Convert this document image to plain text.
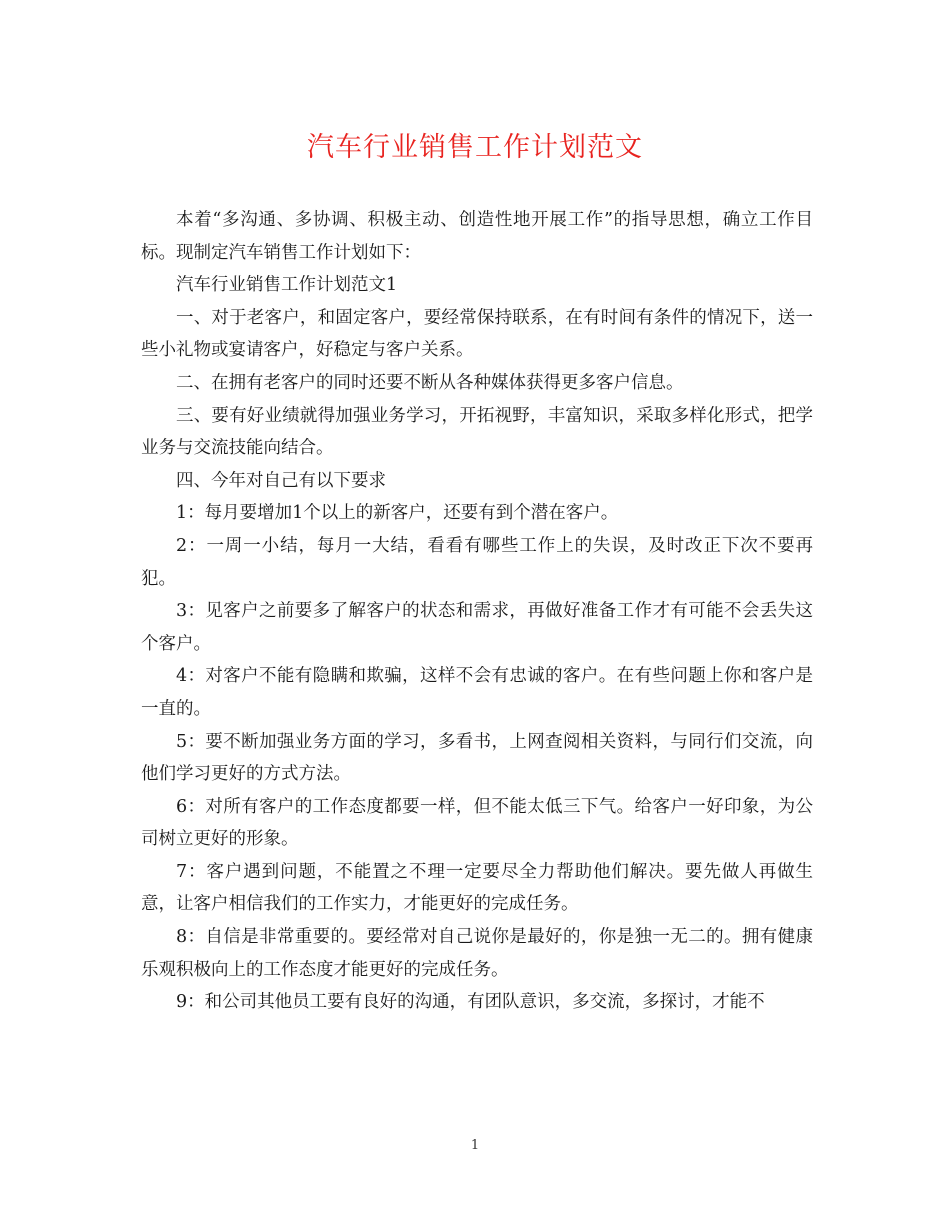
汽车行业销售工作计划范文

本着“多沟通、多协调、积极主动、创造性地开展工作”的指导思想，确立工作目标。现制定汽车销售工作计划如下：

汽车行业销售工作计划范文1

一、对于老客户，和固定客户，要经常保持联系，在有时间有条件的情况下，送一些小礼物或宴请客户，好稳定与客户关系。

二、在拥有老客户的同时还要不断从各种媒体获得更多客户信息。

三、要有好业绩就得加强业务学习，开拓视野，丰富知识，采取多样化形式，把学业务与交流技能向结合。

四、今年对自己有以下要求

1：每月要增加1个以上的新客户，还要有到个潜在客户。

2：一周一小结，每月一大结，看看有哪些工作上的失误，及时改正下次不要再犯。

3：见客户之前要多了解客户的状态和需求，再做好准备工作才有可能不会丢失这个客户。

4：对客户不能有隐瞒和欺骗，这样不会有忠诚的客户。在有些问题上你和客户是一直的。

5：要不断加强业务方面的学习，多看书，上网查阅相关资料，与同行们交流，向他们学习更好的方式方法。

6：对所有客户的工作态度都要一样，但不能太低三下气。给客户一好印象，为公司树立更好的形象。

7：客户遇到问题，不能置之不理一定要尽全力帮助他们解决。要先做人再做生意，让客户相信我们的工作实力，才能更好的完成任务。

8：自信是非常重要的。要经常对自己说你是最好的，你是独一无二的。拥有健康乐观积极向上的工作态度才能更好的完成任务。

9：和公司其他员工要有良好的沟通，有团队意识，多交流，多探讨，才能不

1
